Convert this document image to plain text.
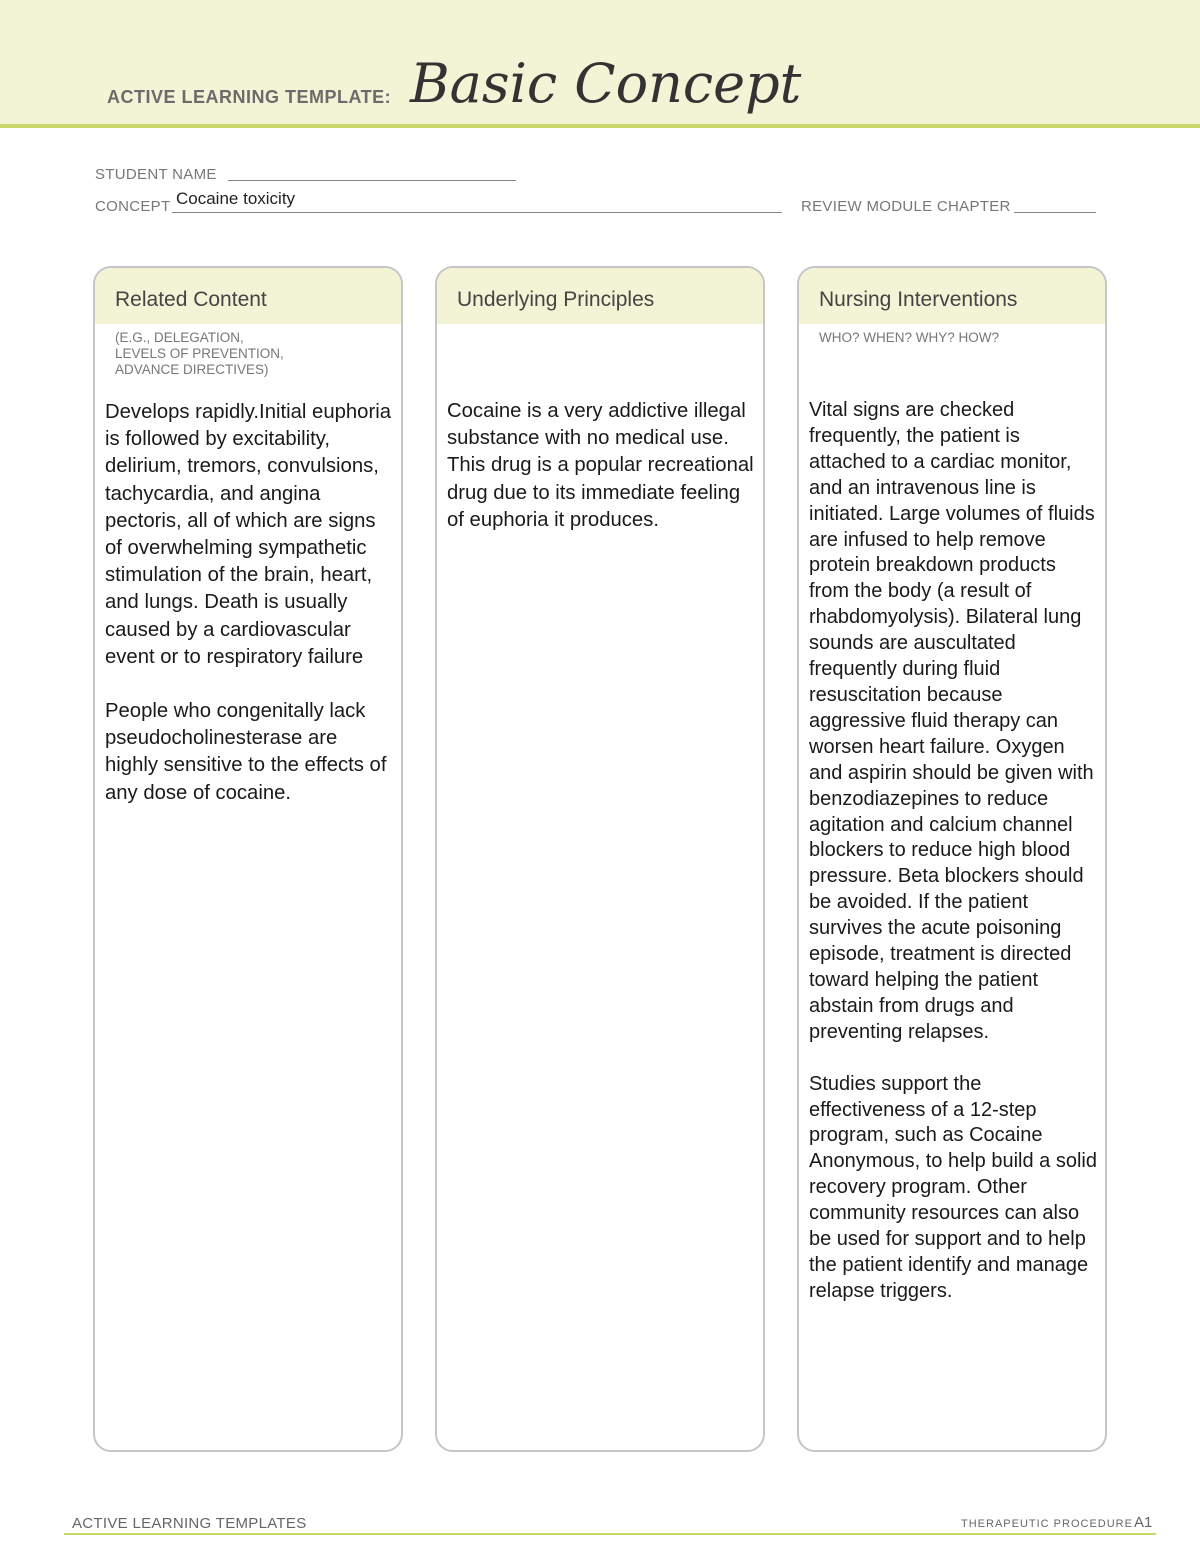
ACTIVE LEARNING TEMPLATE: Basic Concept
STUDENT NAME
CONCEPT Cocaine toxicity	REVIEW MODULE CHAPTER
Related Content
(E.G., DELEGATION,
LEVELS OF PREVENTION,
ADVANCE DIRECTIVES)

Develops rapidly.Initial euphoria is followed by excitability, delirium, tremors, convulsions, tachycardia, and angina pectoris, all of which are signs of overwhelming sympathetic stimulation of the brain, heart, and lungs. Death is usually caused by a cardiovascular event or to respiratory failure

People who congenitally lack pseudocholinesterase are highly sensitive to the effects of any dose of cocaine.

Underlying Principles

Cocaine is a very addictive illegal substance with no medical use. This drug is a popular recreational drug due to its immediate feeling of euphoria it produces.

Nursing Interventions
WHO? WHEN? WHY? HOW?

Vital signs are checked frequently, the patient is attached to a cardiac monitor, and an intravenous line is initiated. Large volumes of fluids are infused to help remove protein breakdown products from the body (a result of rhabdomyolysis). Bilateral lung sounds are auscultated frequently during fluid resuscitation because aggressive fluid therapy can worsen heart failure. Oxygen and aspirin should be given with benzodiazepines to reduce agitation and calcium channel blockers to reduce high blood pressure. Beta blockers should be avoided. If the patient survives the acute poisoning episode, treatment is directed toward helping the patient abstain from drugs and preventing relapses.

Studies support the effectiveness of a 12-step program, such as Cocaine Anonymous, to help build a solid recovery program. Other community resources can also be used for support and to help the patient identify and manage relapse triggers.

ACTIVE LEARNING TEMPLATES	THERAPEUTIC PROCEDURE A1
